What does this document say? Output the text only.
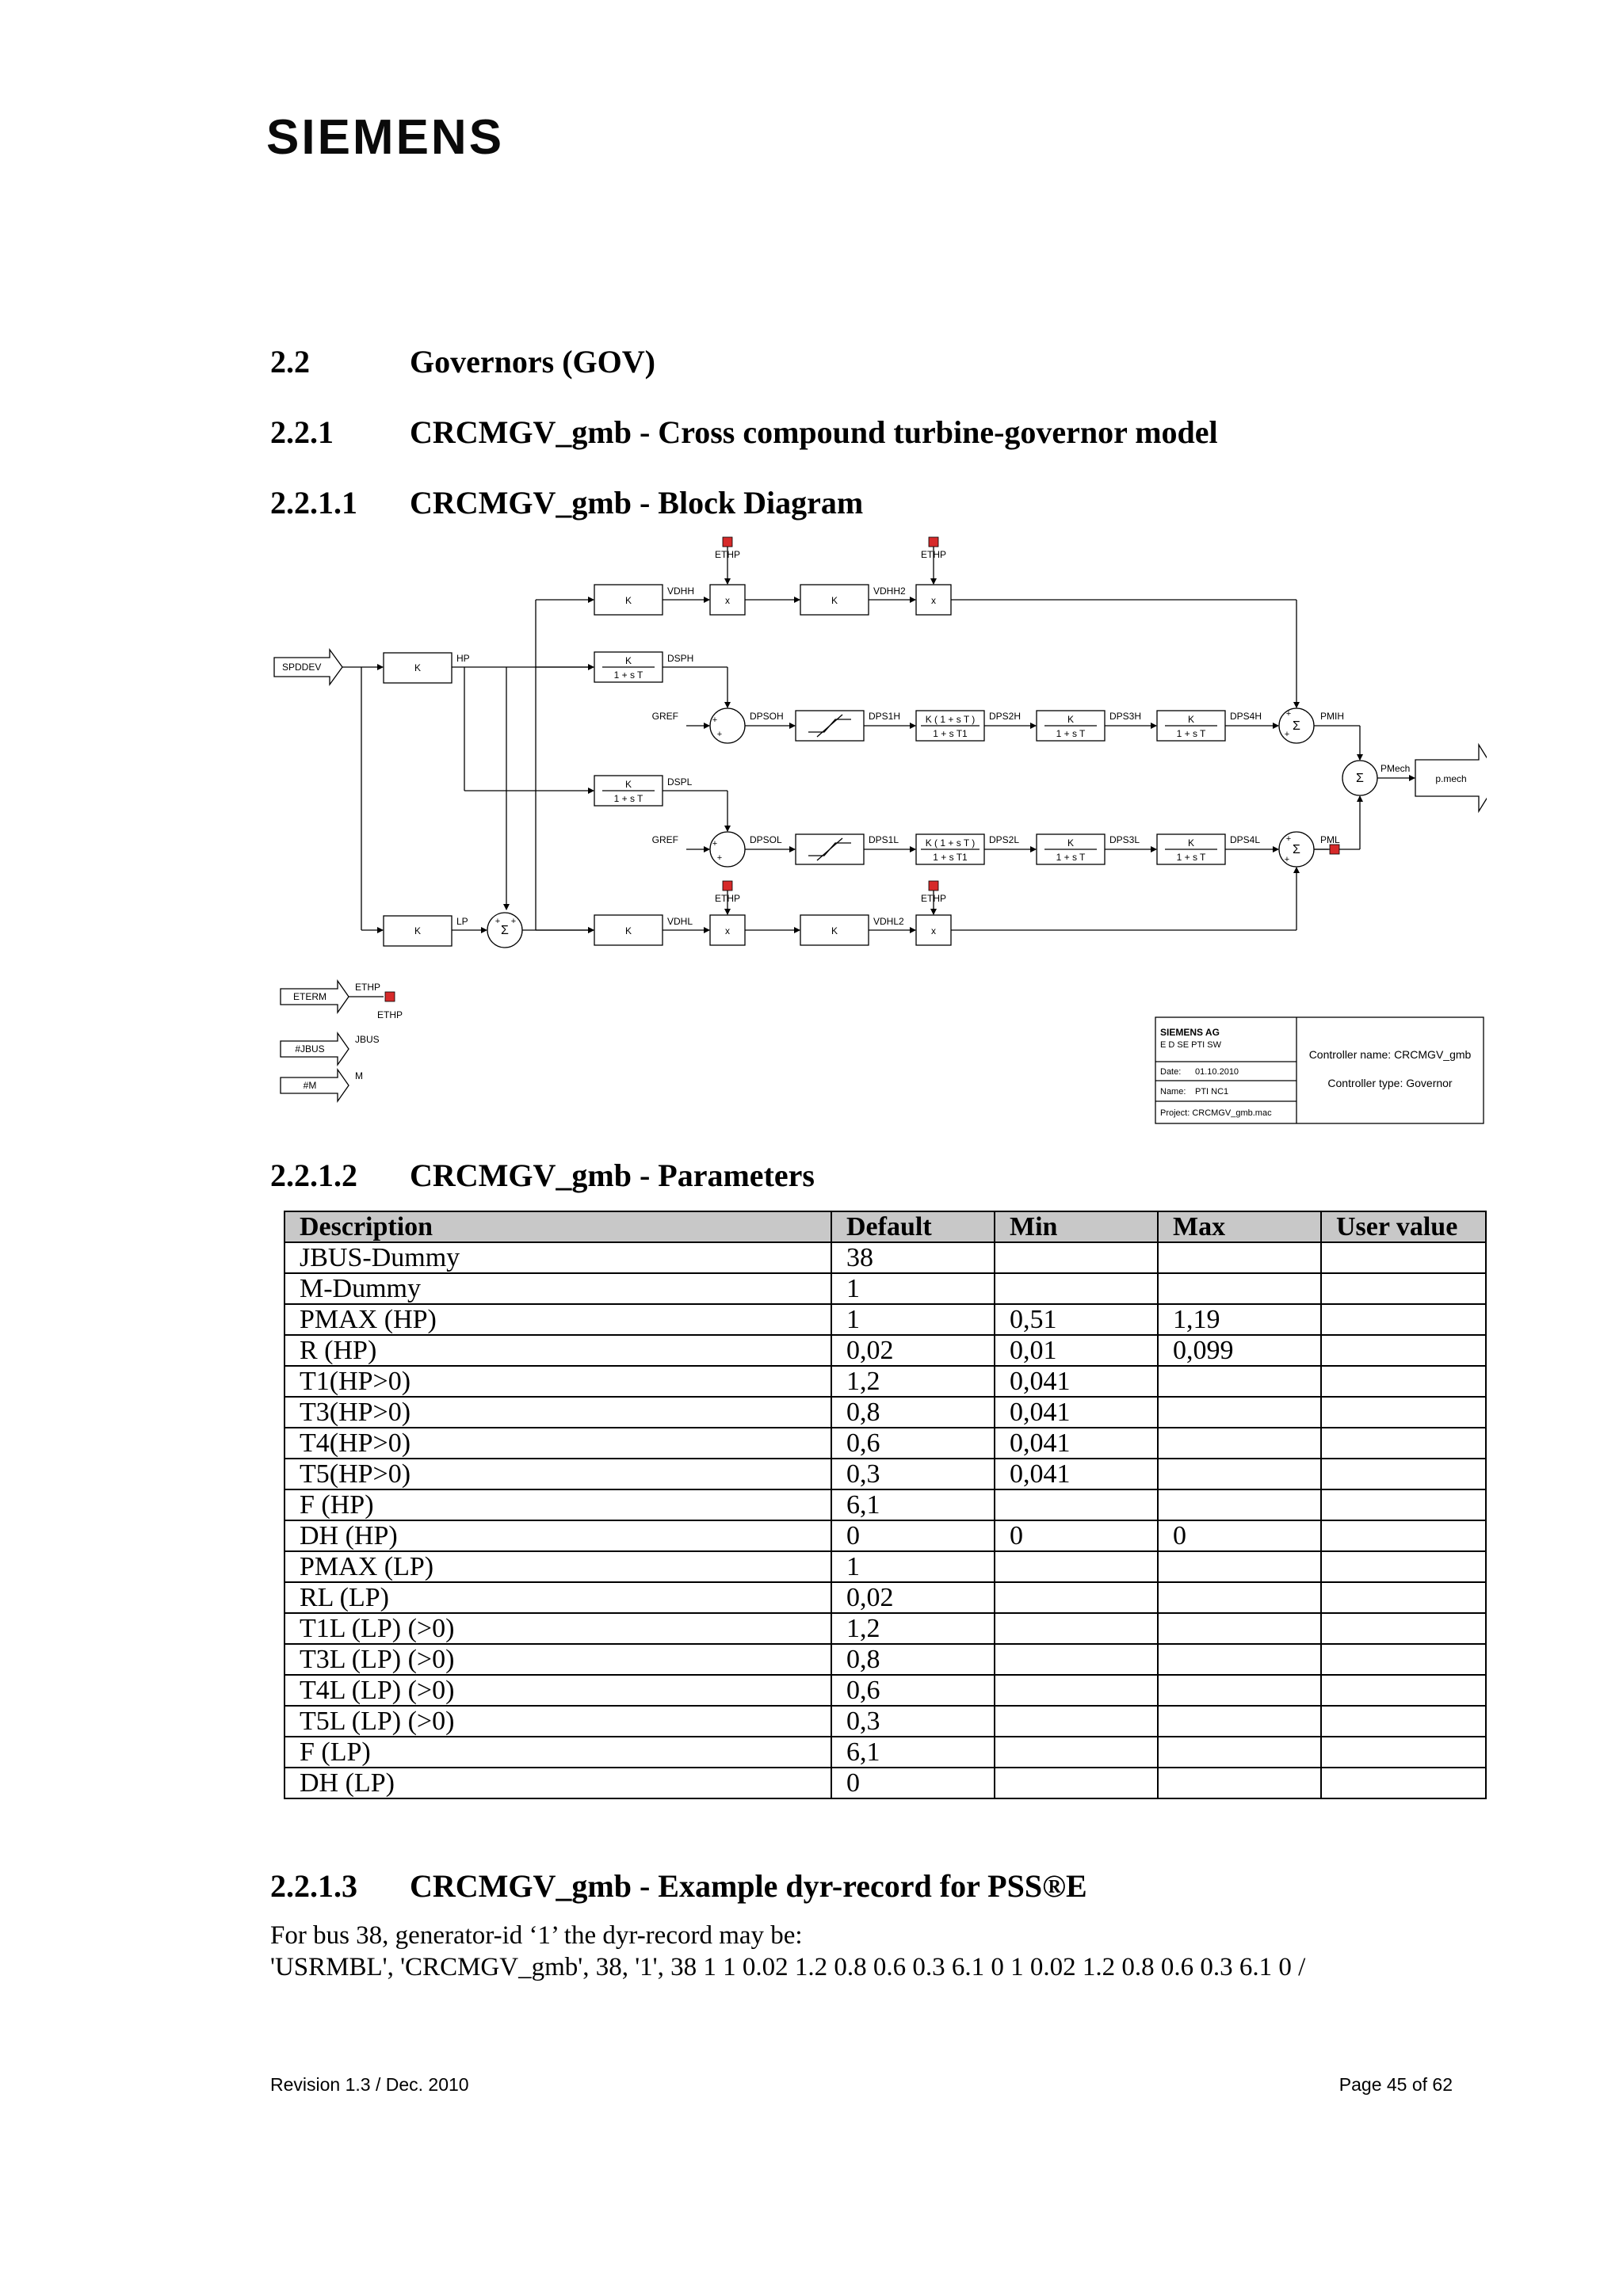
SIEMENS
2.2	Governors (GOV)
2.2.1 CRCMGV_gmb - Cross compound turbine-governor model
2.2.1.1 CRCMGV_gmb - Block Diagram
SPDDEV	K
K
HP
LP
Σ
K	x	K	x
VDHH	VDHH2
ETHP	ETHP
K
1 + s T
DSPH
GREF	DPSOH	DPS1H	K ( 1 + s T )
1 + s T1
DPS2H	K
1 + s T
DPS3H	K
1 + s T
DPS4H
Σ
PMIH
Σ
PMech
p.mech
K
1 + s T
DSPL
GREF	DPSOL	DPS1L	K ( 1 + s T )
1 + s T1
DPS2L	K
1 + s T
DPS3L	K
1 + s T
DPS4L
Σ
PML
K	x	K	x
VDHL	VDHL2
ETHP	ETHP
ETERM
ETHP
ETHP
#JBUS
JBUS
#M
M
SIEMENS AG
E D SE PTI SW
Date: 01.10.2010
Name: PTI NC1
Project: CRCMGV_gmb.mac
Controller name: CRCMGV_gmb
Controller type: Governor
+
+
+
+
+
+
+
+
+ +
2.2.1.2 CRCMGV_gmb - Parameters
Description	Default	Min	Max	User value
JBUS-Dummy	38			
M-Dummy	1			
PMAX (HP)	1	0,51	1,19	
R (HP)	0,02	0,01	0,099	
T1(HP>0)	1,2	0,041		
T3(HP>0)	0,8	0,041		
T4(HP>0)	0,6	0,041		
T5(HP>0)	0,3	0,041		
F (HP)	6,1			
DH (HP)	0	0	0	
PMAX (LP)	1			
RL (LP)	0,02			
T1L (LP) (>0)	1,2			
T3L (LP) (>0)	0,8			
T4L (LP) (>0)	0,6			
T5L (LP) (>0)	0,3			
F (LP)	6,1			
DH (LP)	0			
2.2.1.3 CRCMGV_gmb - Example dyr-record for PSS®E
For bus 38, generator-id ‘1’ the dyr-record may be:
'USRMBL', 'CRCMGV_gmb', 38, '1', 38 1 1 0.02 1.2 0.8 0.6 0.3 6.1 0 1 0.02 1.2 0.8 0.6 0.3 6.1 0 /
Revision 1.3 / Dec. 2010	Page 45 of 62
